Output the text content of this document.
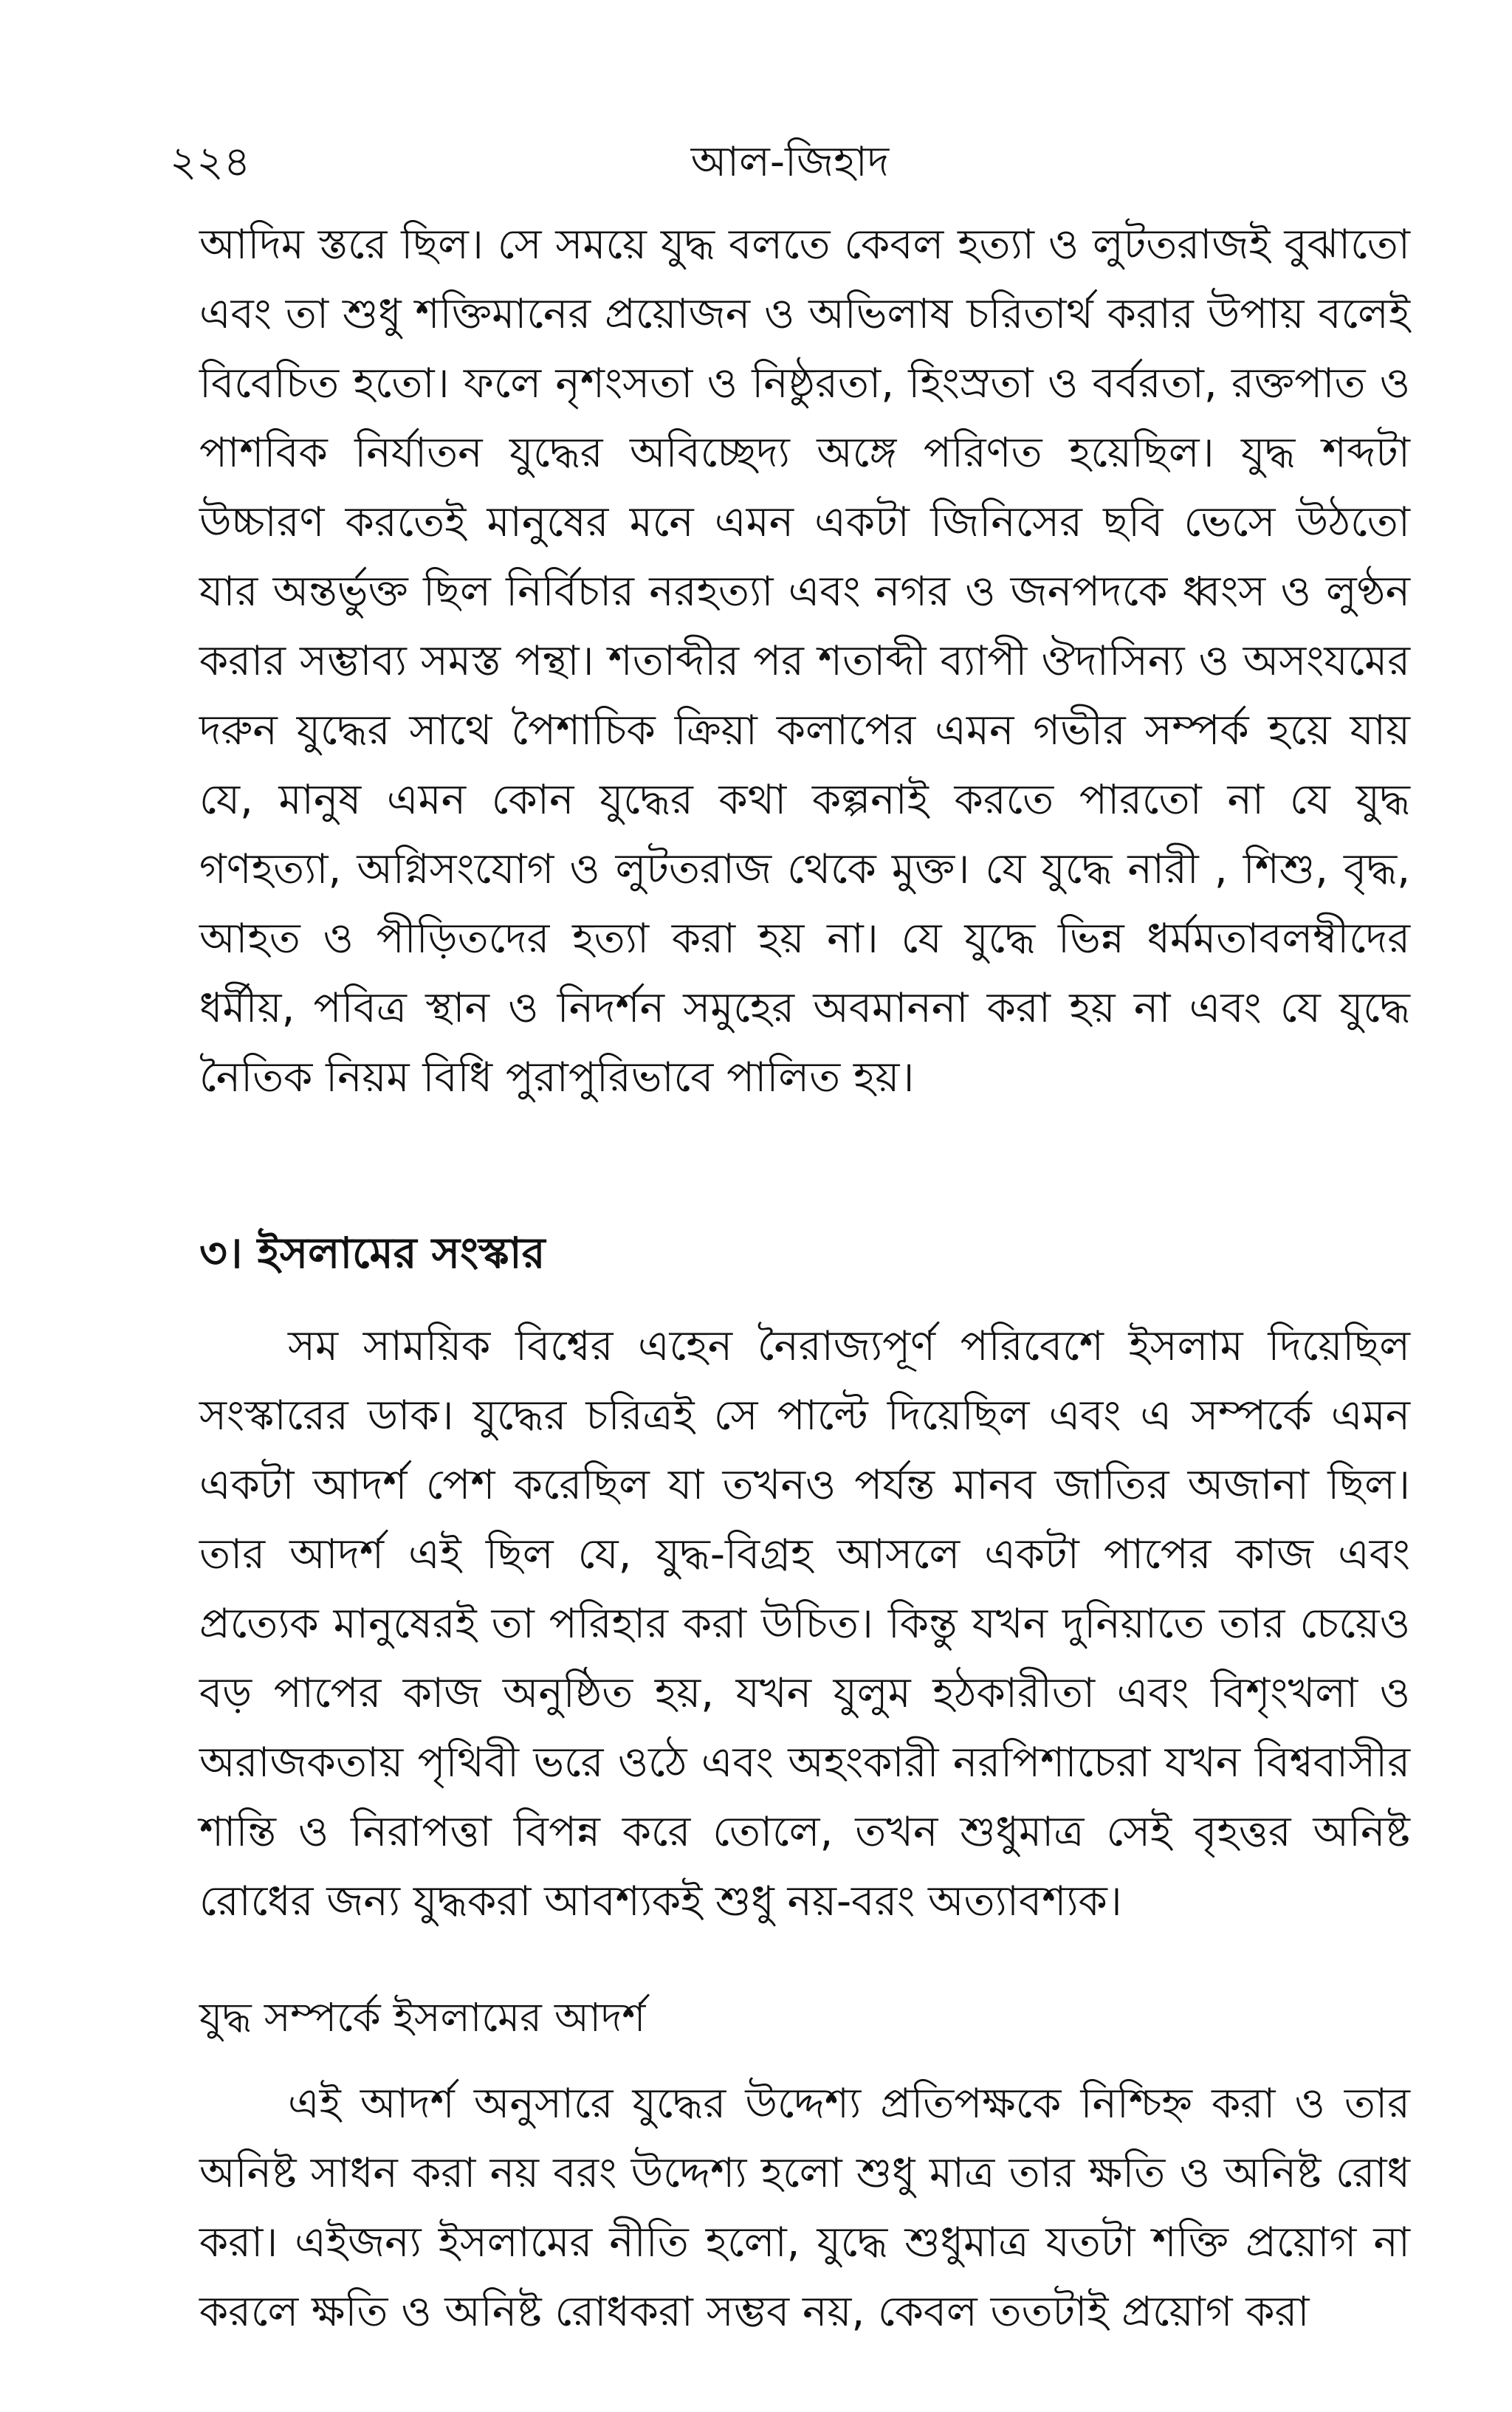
২২৪	আল-জিহাদ

আদিম স্তরে ছিল। সে সময়ে যুদ্ধ বলতে কেবল হত্যা ও লুটতরাজই বুঝাতো এবং তা শুধু শক্তিমানের প্রয়োজন ও অভিলাষ চরিতার্থ করার উপায় বলেই বিবেচিত হতো। ফলে নৃশংসতা ও নিষ্ঠুরতা, হিংস্রতা ও বর্বরতা, রক্তপাত ও পাশবিক নির্যাতন যুদ্ধের অবিচ্ছেদ্য অঙ্গে পরিণত হয়েছিল। যুদ্ধ শব্দটা উচ্চারণ করতেই মানুষের মনে এমন একটা জিনিসের ছবি ভেসে উঠতো যার অন্তর্ভুক্ত ছিল নির্বিচার নরহত্যা এবং নগর ও জনপদকে ধ্বংস ও লুণ্ঠন করার সম্ভাব্য সমস্ত পন্থা। শতাব্দীর পর শতাব্দী ব্যাপী ঔদাসিন্য ও অসংযমের দরুন যুদ্ধের সাথে পৈশাচিক ক্রিয়া কলাপের এমন গভীর সম্পর্ক হয়ে যায় যে, মানুষ এমন কোন যুদ্ধের কথা কল্পনাই করতে পারতো না যে যুদ্ধ গণহত্যা, অগ্নিসংযোগ ও লুটতরাজ থেকে মুক্ত। যে যুদ্ধে নারী , শিশু, বৃদ্ধ, আহত ও পীড়িতদের হত্যা করা হয় না। যে যুদ্ধে ভিন্ন ধর্মমতাবলম্বীদের ধর্মীয়, পবিত্র স্থান ও নিদর্শন সমুহের অবমাননা করা হয় না এবং যে যুদ্ধে নৈতিক নিয়ম বিধি পুরাপুরিভাবে পালিত হয়।

৩। ইসলামের সংস্কার

সম সাময়িক বিশ্বের এহেন নৈরাজ্যপূর্ণ পরিবেশে ইসলাম দিয়েছিল সংস্কারের ডাক। যুদ্ধের চরিত্রই সে পাল্টে দিয়েছিল এবং এ সম্পর্কে এমন একটা আদর্শ পেশ করেছিল যা তখনও পর্যন্ত মানব জাতির অজানা ছিল। তার আদর্শ এই ছিল যে, যুদ্ধ-বিগ্রহ আসলে একটা পাপের কাজ এবং প্রত্যেক মানুষেরই তা পরিহার করা উচিত। কিন্তু যখন দুনিয়াতে তার চেয়েও বড় পাপের কাজ অনুষ্ঠিত হয়, যখন যুলুম হঠকারীতা এবং বিশৃংখলা ও অরাজকতায় পৃথিবী ভরে ওঠে এবং অহংকারী নরপিশাচেরা যখন বিশ্ববাসীর শান্তি ও নিরাপত্তা বিপন্ন করে তোলে, তখন শুধুমাত্র সেই বৃহত্তর অনিষ্ট রোধের জন্য যুদ্ধকরা আবশ্যকই শুধু নয়-বরং অত্যাবশ্যক।

যুদ্ধ সম্পর্কে ইসলামের আদর্শ

এই আদর্শ অনুসারে যুদ্ধের উদ্দেশ্য প্রতিপক্ষকে নিশ্চিহ্ন করা ও তার অনিষ্ট সাধন করা নয় বরং উদ্দেশ্য হলো শুধু মাত্র তার ক্ষতি ও অনিষ্ট রোধ করা। এইজন্য ইসলামের নীতি হলো, যুদ্ধে শুধুমাত্র যতটা শক্তি প্রয়োগ না করলে ক্ষতি ও অনিষ্ট রোধকরা সম্ভব নয়, কেবল ততটাই প্রয়োগ করা
